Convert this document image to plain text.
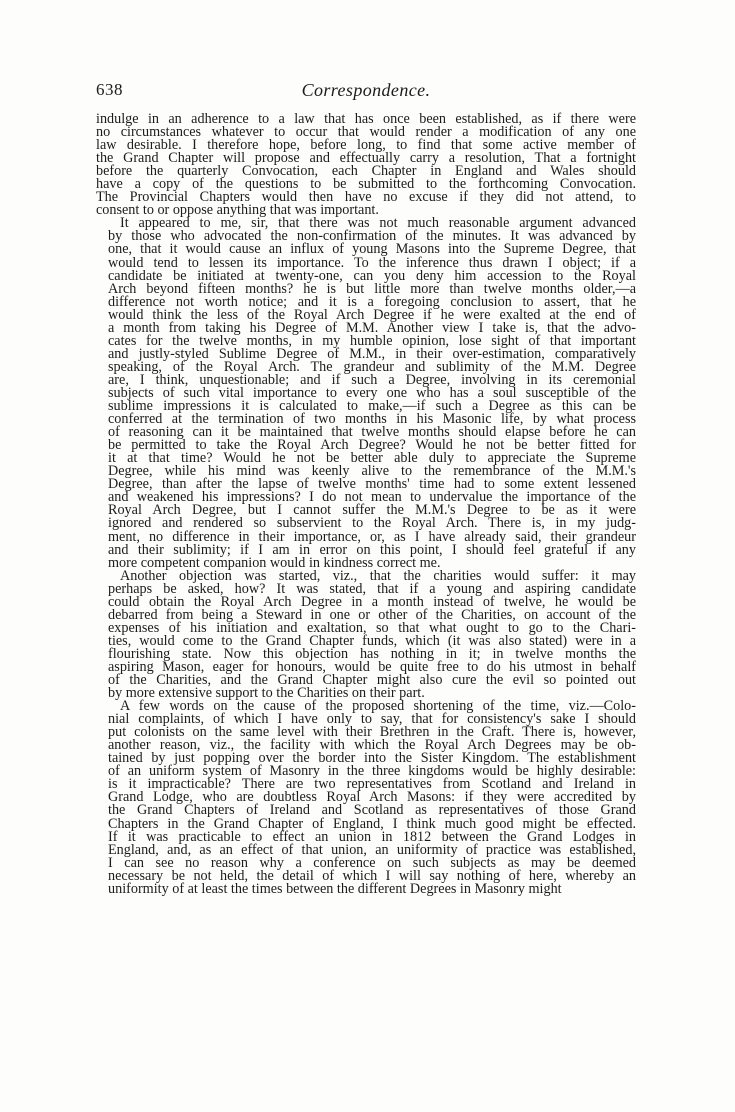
638	Correspondence.
indulge in an adherence to a law that has once been established, as if there were
no circumstances whatever to occur that would render a modification of any one
law desirable. I therefore hope, before long, to find that some active member of
the Grand Chapter will propose and effectually carry a resolution, That a fortnight
before the quarterly Convocation, each Chapter in England and Wales should
have a copy of the questions to be submitted to the forthcoming Convocation.
The Provincial Chapters would then have no excuse if they did not attend, to
consent to or oppose anything that was important.
It appeared to me, sir, that there was not much reasonable argument advanced
by those who advocated the non-confirmation of the minutes. It was advanced by
one, that it would cause an influx of young Masons into the Supreme Degree, that
would tend to lessen its importance. To the inference thus drawn I object; if a
candidate be initiated at twenty-one, can you deny him accession to the Royal
Arch beyond fifteen months? he is but little more than twelve months older,—a
difference not worth notice; and it is a foregoing conclusion to assert, that he
would think the less of the Royal Arch Degree if he were exalted at the end of
a month from taking his Degree of M.M. Another view I take is, that the advo-
cates for the twelve months, in my humble opinion, lose sight of that important
and justly-styled Sublime Degree of M.M., in their over-estimation, comparatively
speaking, of the Royal Arch. The grandeur and sublimity of the M.M. Degree
are, I think, unquestionable; and if such a Degree, involving in its ceremonial
subjects of such vital importance to every one who has a soul susceptible of the
sublime impressions it is calculated to make,—if such a Degree as this can be
conferred at the termination of two months in his Masonic life, by what process
of reasoning can it be maintained that twelve months should elapse before he can
be permitted to take the Royal Arch Degree? Would he not be better fitted for
it at that time? Would he not be better able duly to appreciate the Supreme
Degree, while his mind was keenly alive to the remembrance of the M.M.'s
Degree, than after the lapse of twelve months' time had to some extent lessened
and weakened his impressions? I do not mean to undervalue the importance of the
Royal Arch Degree, but I cannot suffer the M.M.'s Degree to be as it were
ignored and rendered so subservient to the Royal Arch. There is, in my judg-
ment, no difference in their importance, or, as I have already said, their grandeur
and their sublimity; if I am in error on this point, I should feel grateful if any
more competent companion would in kindness correct me.
Another objection was started, viz., that the charities would suffer: it may
perhaps be asked, how? It was stated, that if a young and aspiring candidate
could obtain the Royal Arch Degree in a month instead of twelve, he would be
debarred from being a Steward in one or other of the Charities, on account of the
expenses of his initiation and exaltation, so that what ought to go to the Chari-
ties, would come to the Grand Chapter funds, which (it was also stated) were in a
flourishing state. Now this objection has nothing in it; in twelve months the
aspiring Mason, eager for honours, would be quite free to do his utmost in behalf
of the Charities, and the Grand Chapter might also cure the evil so pointed out
by more extensive support to the Charities on their part.
A few words on the cause of the proposed shortening of the time, viz.—Colo-
nial complaints, of which I have only to say, that for consistency's sake I should
put colonists on the same level with their Brethren in the Craft. There is, however,
another reason, viz., the facility with which the Royal Arch Degrees may be ob-
tained by just popping over the border into the Sister Kingdom. The establishment
of an uniform system of Masonry in the three kingdoms would be highly desirable:
is it impracticable? There are two representatives from Scotland and Ireland in
Grand Lodge, who are doubtless Royal Arch Masons: if they were accredited by
the Grand Chapters of Ireland and Scotland as representatives of those Grand
Chapters in the Grand Chapter of England, I think much good might be effected.
If it was practicable to effect an union in 1812 between the Grand Lodges in
England, and, as an effect of that union, an uniformity of practice was established,
I can see no reason why a conference on such subjects as may be deemed
necessary be not held, the detail of which I will say nothing of here, whereby an
uniformity of at least the times between the different Degrees in Masonry might
